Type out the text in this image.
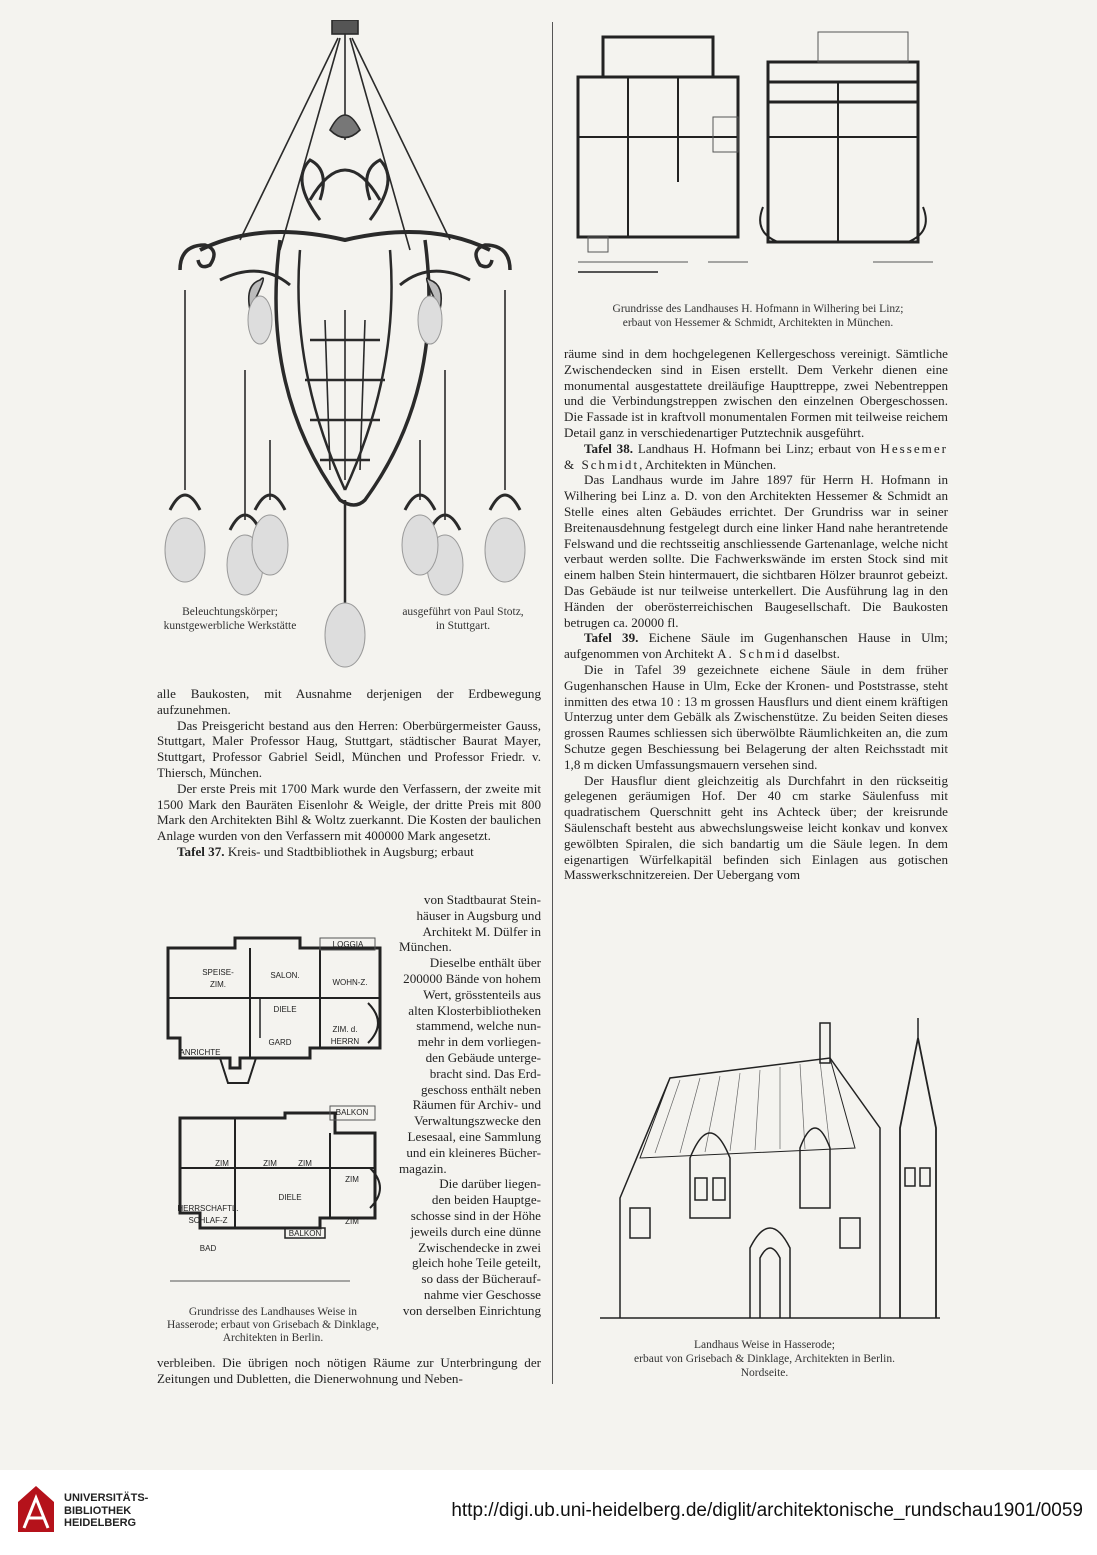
Beleuchtungskörper;
kunstgewerbliche Werkstätte
ausgeführt von Paul Stotz,
in Stuttgart.
Grundrisse des Landhauses H. Hofmann in Wilhering bei Linz;
erbaut von Hessemer & Schmidt, Architekten in München.

alle Baukosten, mit Ausnahme derjenigen der Erdbewegung aufzunehmen.

Das Preisgericht bestand aus den Herren: Oberbürgermeister Gauss, Stuttgart, Maler Professor Haug, Stuttgart, städtischer Baurat Mayer, Stuttgart, Professor Gabriel Seidl, München und Professor Friedr. v. Thiersch, München.

Der erste Preis mit 1700 Mark wurde den Verfassern, der zweite mit 1500 Mark den Bauräten Eisenlohr & Weigle, der dritte Preis mit 800 Mark den Architekten Bihl & Woltz zuerkannt. Die Kosten der baulichen Anlage wurden von den Verfassern mit 400000 Mark angesetzt.

Tafel 37. Kreis- und Stadtbibliothek in Augsburg; erbaut

SPEISE-
ZIM.
SALON.
WOHN-Z.
LOGGIA
DIELE
ZIM. d.
HERRN
ANRICHTE
GARD
BALKON
ZIM	ZIM	ZIM
ZIM
DIELE
HERRSCHAFTL.
SCHLAF-Z	ZIM
BAD
BALKON
Grundrisse des Landhauses Weise in
Hasserode; erbaut von Grisebach & Dinklage,
Architekten in Berlin.
von Stadtbaurat Stein-
häuser in Augsburg und
Architekt M. Dülfer in
München.
Dieselbe enthält über
200000 Bände von hohem
Wert, grösstenteils aus
alten Klosterbibliotheken
stammend, welche nun-
mehr in dem vorliegen-
den Gebäude unterge-
bracht sind. Das Erd-
geschoss enthält neben
Räumen für Archiv- und
Verwaltungszwecke den
Lesesaal, eine Sammlung
und ein kleineres Bücher-
magazin.
Die darüber liegen-
den beiden Hauptge-
schosse sind in der Höhe
jeweils durch eine dünne
Zwischendecke in zwei
gleich hohe Teile geteilt,
so dass der Bücherauf-
nahme vier Geschosse
von derselben Einrichtung

verbleiben. Die übrigen noch nötigen Räume zur Unterbringung der Zeitungen und Dubletten, die Dienerwohnung und Neben-

räume sind in dem hochgelegenen Kellergeschoss vereinigt. Sämtliche Zwischendecken sind in Eisen erstellt. Dem Verkehr dienen eine monumental ausgestattete dreiläufige Haupttreppe, zwei Nebentreppen und die Verbindungstreppen zwischen den einzelnen Obergeschossen. Die Fassade ist in kraftvoll monumentalen Formen mit teilweise reichem Detail ganz in verschiedenartiger Putztechnik ausgeführt.

Tafel 38. Landhaus H. Hofmann bei Linz; erbaut von Hessemer & Schmidt, Architekten in München.

Das Landhaus wurde im Jahre 1897 für Herrn H. Hofmann in Wilhering bei Linz a. D. von den Architekten Hessemer & Schmidt an Stelle eines alten Gebäudes errichtet. Der Grundriss war in seiner Breitenausdehnung festgelegt durch eine linker Hand nahe herantretende Felswand und die rechtsseitig anschliessende Gartenanlage, welche nicht verbaut werden sollte. Die Fachwerkswände im ersten Stock sind mit einem halben Stein hintermauert, die sichtbaren Hölzer braunrot gebeizt. Das Gebäude ist nur teilweise unterkellert. Die Ausführung lag in den Händen der oberösterreichischen Baugesellschaft. Die Baukosten betrugen ca. 20000 fl.

Tafel 39. Eichene Säule im Gugenhanschen Hause in Ulm; aufgenommen von Architekt A. Schmid daselbst.

Die in Tafel 39 gezeichnete eichene Säule in dem früher Gugenhanschen Hause in Ulm, Ecke der Kronen- und Poststrasse, steht inmitten des etwa 10 : 13 m grossen Hausflurs und dient einem kräftigen Unterzug unter dem Gebälk als Zwischenstütze. Zu beiden Seiten dieses grossen Raumes schliessen sich überwölbte Räumlichkeiten an, die zum Schutze gegen Beschiessung bei Belagerung der alten Reichsstadt mit 1,8 m dicken Umfassungsmauern versehen sind.

Der Hausflur dient gleichzeitig als Durchfahrt in den rückseitig gelegenen geräumigen Hof. Der 40 cm starke Säulenfuss mit quadratischem Querschnitt geht ins Achteck über; der kreisrunde Säulenschaft besteht aus abwechslungsweise leicht konkav und konvex gewölbten Spiralen, die sich bandartig um die Säule legen. In dem eigenartigen Würfelkapitäl befinden sich Einlagen aus gotischen Masswerkschnitzereien. Der Uebergang vom

Landhaus Weise in Hasserode;
erbaut von Grisebach & Dinklage, Architekten in Berlin.
Nordseite.
UNIVERSITÄTS-
BIBLIOTHEK
HEIDELBERG
http://digi.ub.uni-heidelberg.de/diglit/architektonische_rundschau1901/0059
